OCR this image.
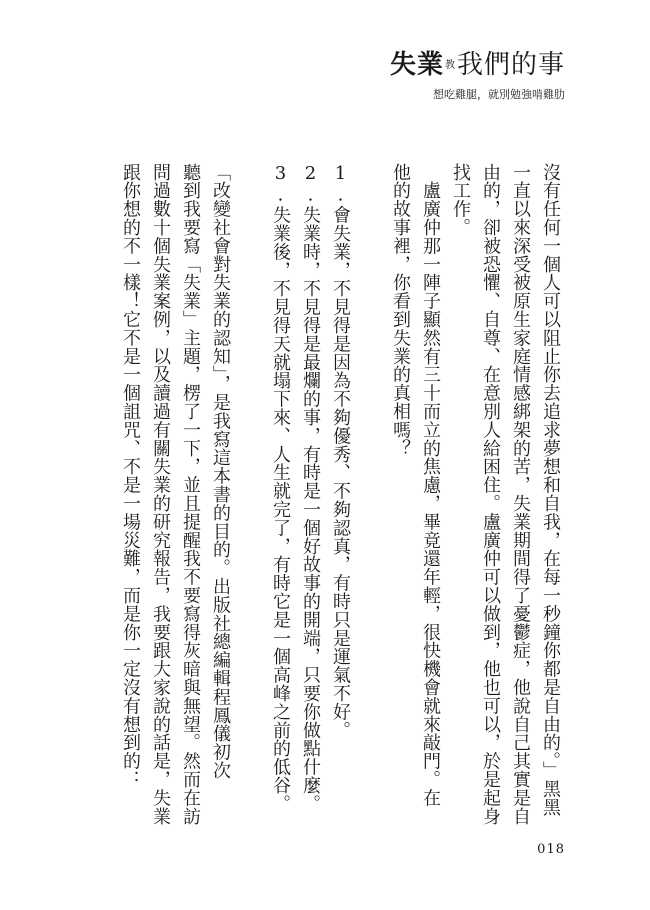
失業教我們的事
想吃雞腿，就別勉強啃雞肋
沒有任何一個人可以阻止你去追求夢想和自我，在每一秒鐘你都是自由的。」黑黑
一直以來深受被原生家庭情感綁架的苦，失業期間得了憂鬱症，他說自己其實是自
由的，卻被恐懼、自尊、在意別人給困住。盧廣仲可以做到，他也可以，於是起身
找工作。
　盧廣仲那一陣子顯然有三十而立的焦慮，畢竟還年輕，很快機會就來敲門。在
他的故事裡，你看到失業的真相嗎？
1.會失業，不見得是因為不夠優秀、不夠認真，有時只是運氣不好。
2.失業時，不見得是最爛的事，有時是一個好故事的開端，只要你做點什麼。
3.失業後，不見得天就塌下來、人生就完了，有時它是一個高峰之前的低谷。
「改變社會對失業的認知」，是我寫這本書的目的。出版社總編輯程鳳儀初次
聽到我要寫「失業」主題，楞了一下，並且提醒我不要寫得灰暗與無望。然而在訪
問過數十個失業案例，以及讀過有關失業的研究報告，我要跟大家說的話是，失業
跟你想的不一樣！它不是一個詛咒、不是一場災難，而是你一定沒有想到的：
018
